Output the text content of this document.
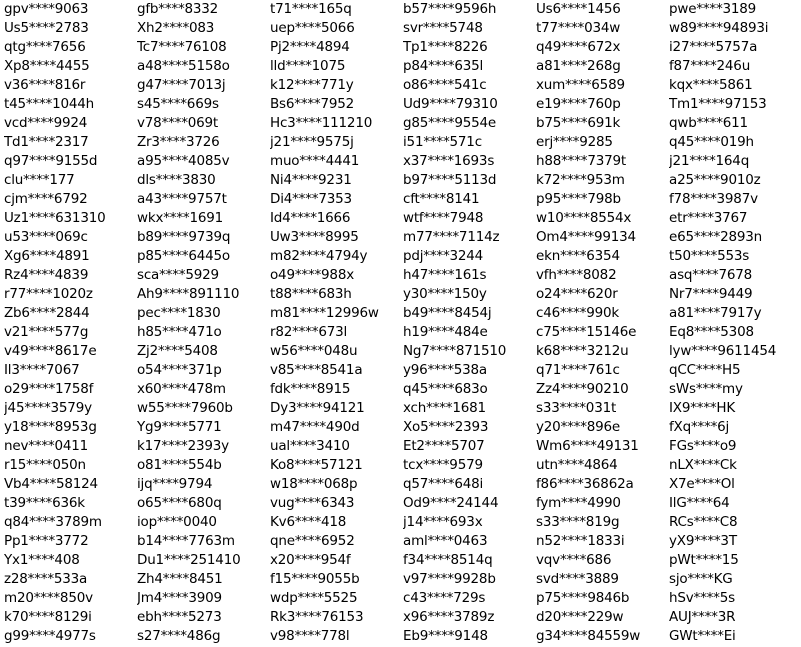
gpv****9063	gfb****8332	t71****165q	b57****9596h	Us6****1456	pwe****3189
Us5****2783	Xh2****083	uep****5066	svr****5748	t77****034w	w89****94893i
qtg****7656	Tc7****76108	Pj2****4894	Tp1****8226	q49****672x	i27****5757a
Xp8****4455	a48****5158o	lld****1075	p84****635l	a81****268g	f87****246u
v36****816r	g47****7013j	k12****771y	o86****541c	xum****6589	kqx****5861
t45****1044h	s45****669s	Bs6****7952	Ud9****79310	e19****760p	Tm1****97153
vcd****9924	v78****069t	Hc3****111210	g85****9554e	b75****691k	qwb****611
Td1****2317	Zr3****3726	j21****9575j	i51****571c	erj****9285	q45****019h
q97****9155d	a95****4085v	muo****4441	x37****1693s	h88****7379t	j21****164q
clu****177	dls****3830	Ni4****9231	b97****5113d	k72****953m	a25****9010z
cjm****6792	a43****9757t	Di4****7353	cft****8141	p95****798b	f78****3987v
Uz1****631310	wkx****1691	Id4****1666	wtf****7948	w10****8554x	etr****3767
u53****069c	b89****9739q	Uw3****8995	m77****7114z	Om4****99134	e65****2893n
Xg6****4891	p85****6445o	m82****4794y	pdj****3244	ekn****6354	t50****553s
Rz4****4839	sca****5929	o49****988x	h47****161s	vfh****8082	asq****7678
r77****1020z	Ah9****891110	t88****683h	y30****150y	o24****620r	Nr7****9449
Zb6****2844	pec****1830	m81****12996w	b49****8454j	c46****990k	a81****7917y
v21****577g	h85****471o	r82****673l	h19****484e	c75****15146e	Eq8****5308
v49****8617e	Zj2****5408	w56****048u	Ng7****871510	k68****3212u	lyw****9611454
Il3****7067	o54****371p	v85****8541a	y96****538a	q71****761c	qCC****H5
o29****1758f	x60****478m	fdk****8915	q45****683o	Zz4****90210	sWs****my
j45****3579y	w55****7960b	Dy3****94121	xch****1681	s33****031t	IX9****HK
y18****8953g	Yg9****5771	m47****490d	Xo5****2393	y20****896e	fXq****6j
nev****0411	k17****2393y	ual****3410	Et2****5707	Wm6****49131	FGs****o9
r15****050n	o81****554b	Ko8****57121	tcx****9579	utn****4864	nLX****Ck
Vb4****58124	ijq****9794	w18****068p	q57****648i	f86****36862a	X7e****Ol
t39****636k	o65****680q	vug****6343	Od9****24144	fym****4990	IlG****64
q84****3789m	iop****0040	Kv6****418	j14****693x	s33****819g	RCs****C8
Pp1****3772	b14****7763m	qne****6952	aml****0463	n52****1833i	yX9****3T
Yx1****408	Du1****251410	x20****954f	f34****8514q	vqv****686	pWt****15
z28****533a	Zh4****8451	f15****9055b	v97****9928b	svd****3889	sjo****KG
m20****850v	Jm4****3909	wdp****5525	c43****729s	p75****9846b	hSv****5s
k70****8129i	ebh****5273	Rk3****76153	x96****3789z	d20****229w	AUJ****3R
g99****4977s	s27****486g	v98****778l	Eb9****9148	g34****84559w	GWt****Ei
